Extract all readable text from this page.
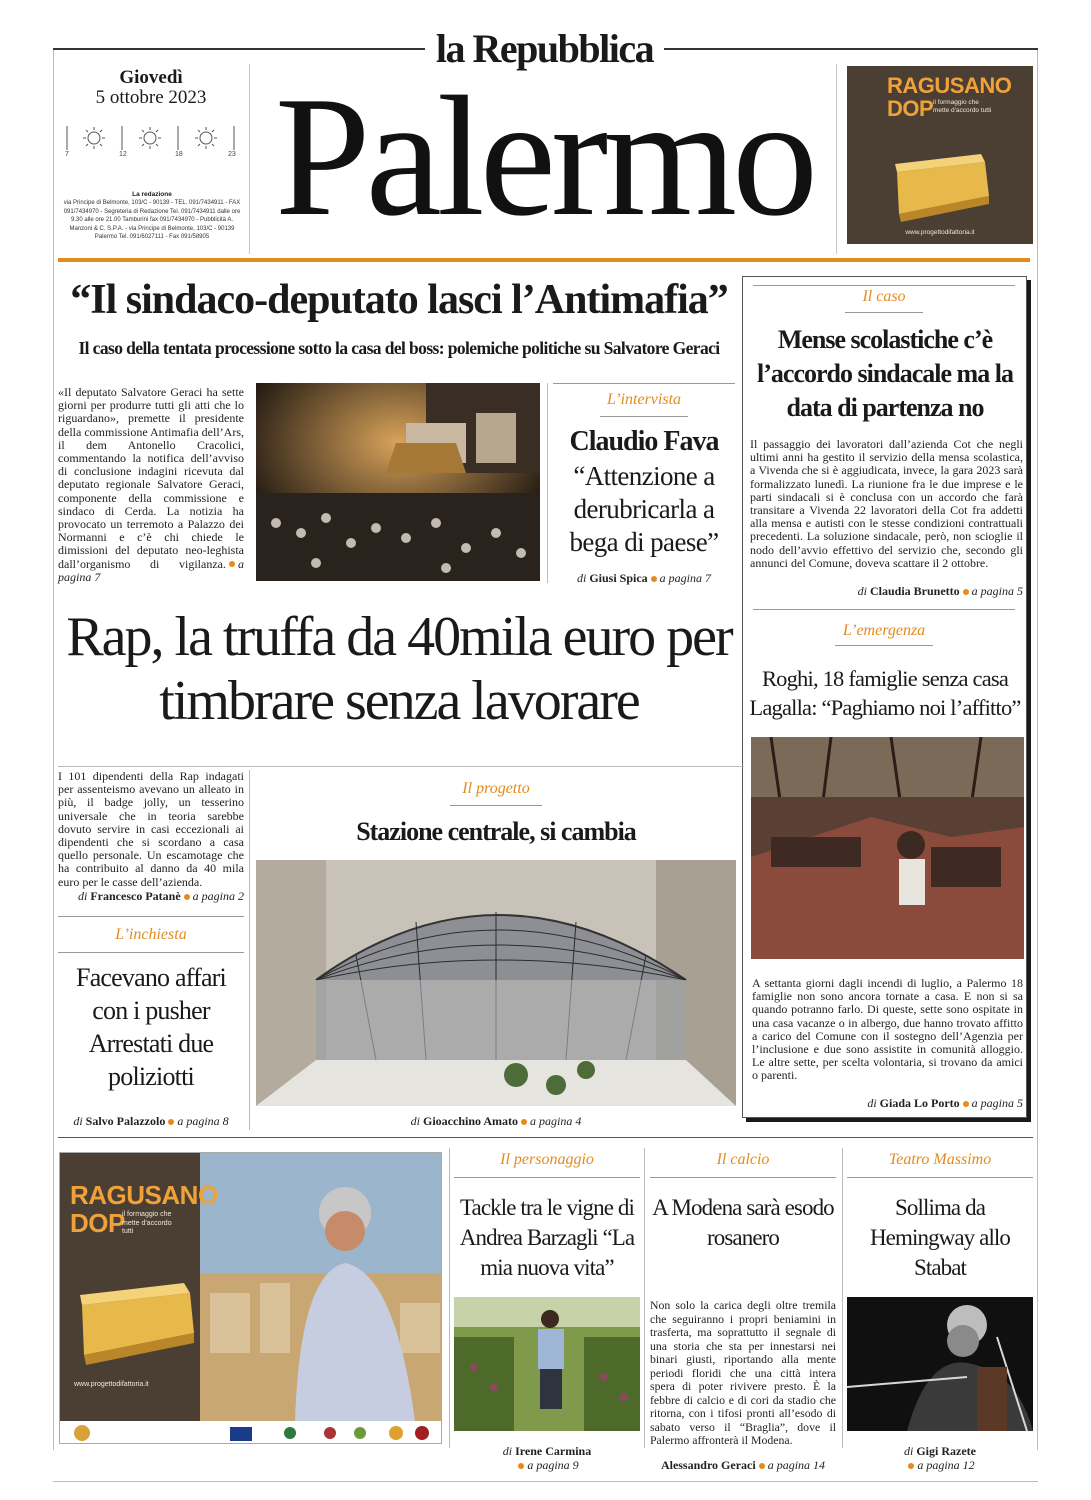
la Repubblica
Giovedì
5 ottobre 2023
7	12	18	23
La redazione
via Principe di Belmonte, 103/C - 90139 - TEL. 091/7434911 - FAX 091/7434970 - Segreteria di Redazione Tel. 091/7434911 dalle ore 9.30 alle ore 21.00 Tamburini fax 091/7434970 - Pubblicità A. Manzoni & C. S.P.A. - via Principe di Belmonte, 103/C - 90139 Palermo Tel. 091/6027111 - Fax 091/58905 Palermo	RAGUSANO
DOP il formaggio che mette d'accordo tutti
www.progettodifattoria.it
“Il sindaco-deputato lasci l’Antimafia”
Il caso della tentata processione sotto la casa del boss: polemiche politiche su Salvatore Geraci
«Il deputato Salvatore Geraci ha sette giorni per produrre tutti gli atti che lo riguardano», premette il presidente della commissione Antimafia dell’Ars, il dem Antonello Cracolici, commentando la notifica dell’avviso di conclusione indagini ricevuta dal deputato regionale Salvatore Geraci, componente della commissione e sindaco di Cerda. La notizia ha provocato un terremoto a Palazzo dei Normanni e c’è chi chiede le dimissioni del deputato neo-leghista dall’organismo di vigilanza. a pagina 7
L’intervista
Claudio Fava
“Attenzione a derubricarla a bega di paese”
di Giusi Spica a pagina 7
Il caso
Mense scolastiche c’è l’accordo sindacale ma la data di partenza no
Il passaggio dei lavoratori dall’azienda Cot che negli ultimi anni ha gestito il servizio della mensa scolastica, a Vivenda che si è aggiudicata, invece, la gara 2023 sarà formalizzato lunedì. La riunione fra le due imprese e le parti sindacali si è conclusa con un accordo che farà transitare a Vivenda 22 lavoratori della Cot fra addetti alla mensa e autisti con le stesse condizioni contrattuali precedenti. La soluzione sindacale, però, non scioglie il nodo dell’avvio effettivo del servizio che, secondo gli annunci del Comune, doveva scattare il 2 ottobre.
di Claudia Brunetto a pagina 5
L’emergenza
Roghi, 18 famiglie senza casa Lagalla: “Paghiamo noi l’affitto”
A settanta giorni dagli incendi di luglio, a Palermo 18 famiglie non sono ancora tornate a casa. E non si sa quando potranno farlo. Di queste, sette sono ospitate in una casa vacanze o in albergo, due hanno trovato affitto a carico del Comune con il sostegno dell’Agenzia per l’inclusione e due sono assistite in comunità alloggio. Le altre sette, per scelta volontaria, si trovano da amici o parenti.
di Giada Lo Porto a pagina 5
Rap, la truffa da 40mila euro per timbrare senza lavorare
I 101 dipendenti della Rap indagati per assenteismo avevano un alleato in più, il badge jolly, un tesserino universale che in teoria sarebbe dovuto servire in casi eccezionali ai dipendenti che si scordano a casa quello personale. Un escamotage che ha contribuito al danno da 40 mila euro per le casse dell’azienda.
di Francesco Patanè a pagina 2
L’inchiesta
Facevano affari con i pusher Arrestati due poliziotti
di Salvo Palazzolo a pagina 8
Il progetto
Stazione centrale, si cambia
di Gioacchino Amato a pagina 4
RAGUSANO
DOP
il formaggio che mette d'accordo tutti
www.progettodifattoria.it
Il personaggio
Tackle tra le vigne di Andrea Barzagli “La mia nuova vita”
di Irene Carmina
a pagina 9
Il calcio
A Modena sarà esodo rosanero
Non solo la carica degli oltre tremila che seguiranno i propri beniamini in trasferta, ma soprattutto il segnale di una storia che sta per innestarsi nei binari giusti, riportando alla mente periodi floridi che una città intera spera di poter rivivere presto. È la febbre di calcio e di cori da stadio che ritorna, con i tifosi pronti all’esodo di sabato verso il “Braglia”, dove il Palermo affronterà il Modena.
Alessandro Geraci a pagina 14
Teatro Massimo
Sollima da Hemingway allo Stabat
di Gigi Razete
a pagina 12
